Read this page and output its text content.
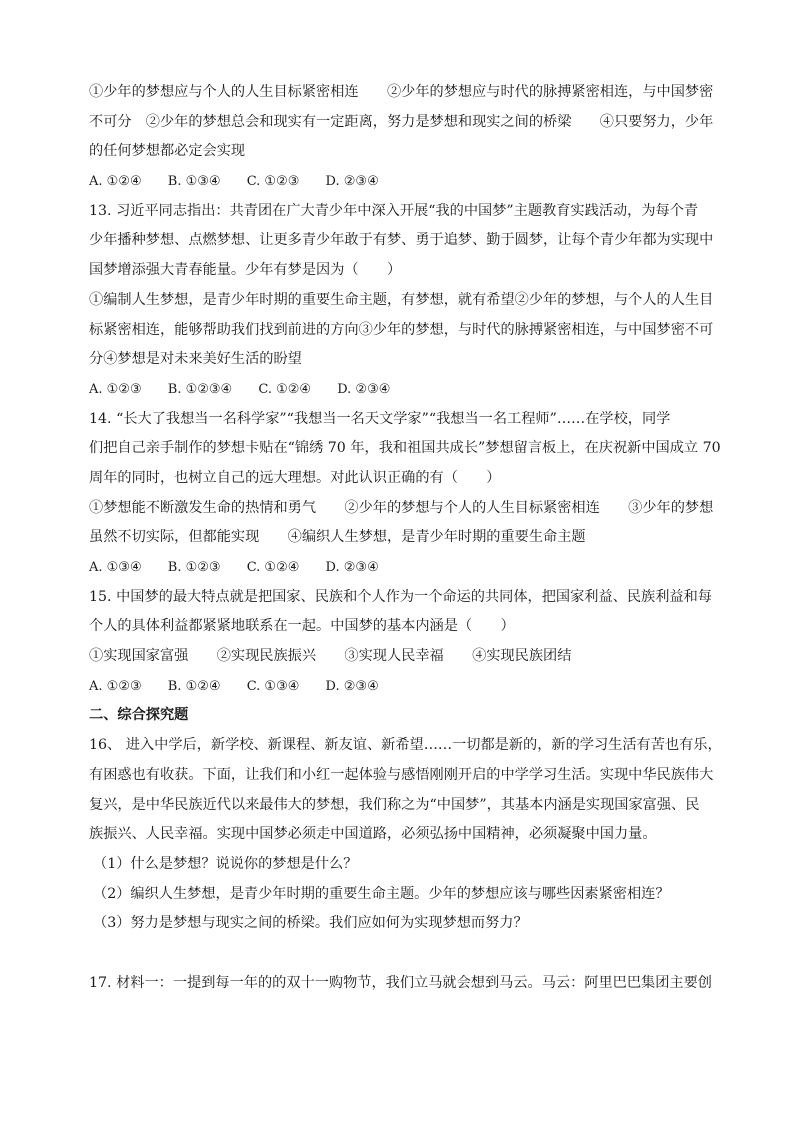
①少年的梦想应与个人的人生目标紧密相连　　②少年的梦想应与时代的脉搏紧密相连，与中国梦密
不可分　②少年的梦想总会和现实有一定距离，努力是梦想和现实之间的桥梁　　④只要努力，少年
的任何梦想都必定会实现
A. ①②④ B. ①③④ C. ①②③ D. ②③④
13. 习近平同志指出：共青团在广大青少年中深入开展“我的中国梦”主题教育实践活动，为每个青
少年播种梦想、点燃梦想、让更多青少年敢于有梦、勇于追梦、勤于圆梦，让每个青少年都为实现中
国梦增添强大青春能量。少年有梦是因为（　　）
①编制人生梦想，是青少年时期的重要生命主题，有梦想，就有希望②少年的梦想，与个人的人生目
标紧密相连，能够帮助我们找到前进的方向③少年的梦想，与时代的脉搏紧密相连，与中国梦密不可
分④梦想是对未来美好生活的盼望
A. ①②③ B. ①②③④ C. ①②④ D. ②③④
14. “长大了我想当一名科学家”“我想当一名天文学家”“我想当一名工程师”……在学校，同学
们把自己亲手制作的梦想卡贴在“锦绣 70 年，我和祖国共成长”梦想留言板上，在庆祝新中国成立 70
周年的同时，也树立自己的远大理想。对此认识正确的有（　　）
①梦想能不断激发生命的热情和勇气　　②少年的梦想与个人的人生目标紧密相连　　③少年的梦想
虽然不切实际，但都能实现　　④编织人生梦想，是青少年时期的重要生命主题
A. ①③④ B. ①②③ C. ①②④ D. ②③④
15. 中国梦的最大特点就是把国家、民族和个人作为一个命运的共同体，把国家利益、民族利益和每
个人的具体利益都紧紧地联系在一起。中国梦的基本内涵是（　　）
①实现国家富强　　②实现民族振兴　　③实现人民幸福　　④实现民族团结
A. ①②③ B. ①②④ C. ①③④ D. ②③④
二、综合探究题
16、 进入中学后，新学校、新课程、新友谊、新希望……一切都是新的，新的学习生活有苦也有乐，
有困惑也有收获。下面，让我们和小红一起体验与感悟刚刚开启的中学学习生活。实现中华民族伟大
复兴，是中华民族近代以来最伟大的梦想，我们称之为“中国梦”，其基本内涵是实现国家富强、民
族振兴、人民幸福。实现中国梦必须走中国道路，必须弘扬中国精神，必须凝聚中国力量。
（1）什么是梦想？说说你的梦想是什么？
（2）编织人生梦想，是青少年时期的重要生命主题。少年的梦想应该与哪些因素紧密相连？
（3）努力是梦想与现实之间的桥梁。我们应如何为实现梦想而努力？
17. 材料一：一提到每一年的的双十一购物节，我们立马就会想到马云。马云：阿里巴巴集团主要创
